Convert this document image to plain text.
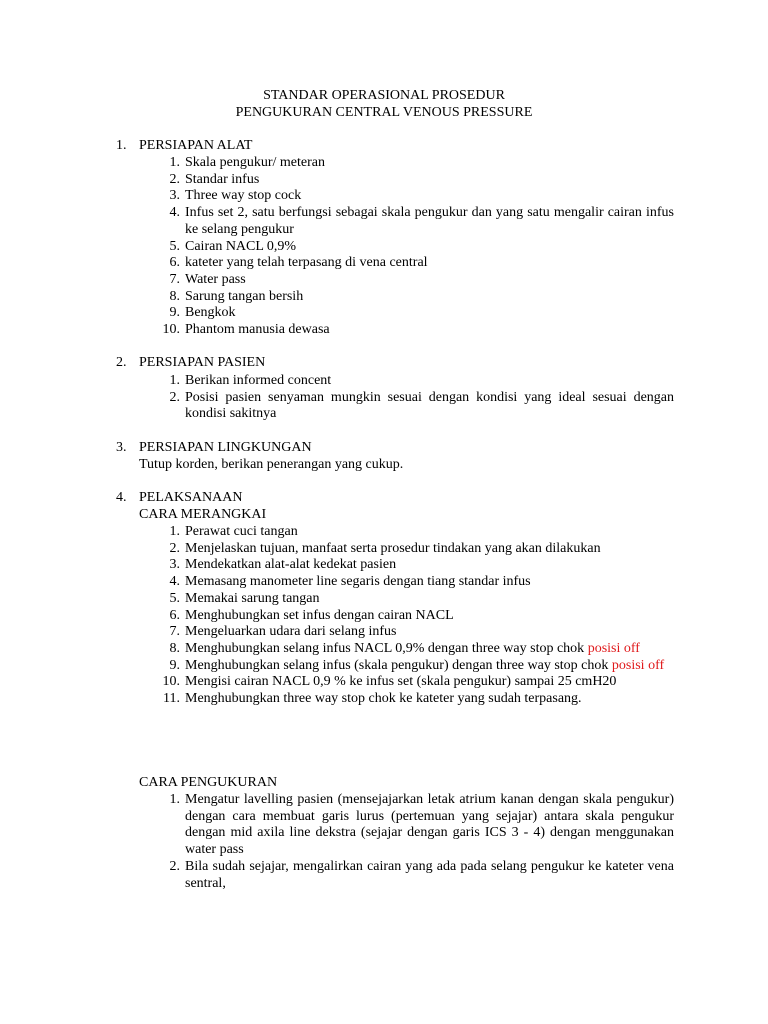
STANDAR OPERASIONAL PROSEDUR
PENGUKURAN CENTRAL VENOUS PRESSURE
1. PERSIAPAN ALAT
1. Skala pengukur/ meteran
2. Standar infus
3. Three way stop cock
4. Infus set 2, satu berfungsi sebagai skala pengukur dan yang satu mengalir cairan infus ke selang pengukur
5. Cairan NACL 0,9%
6. kateter yang telah terpasang di vena central
7. Water pass
8. Sarung tangan bersih
9. Bengkok
10. Phantom manusia dewasa
2. PERSIAPAN PASIEN
1. Berikan informed concent
2. Posisi pasien senyaman mungkin sesuai dengan kondisi yang ideal sesuai dengan kondisi sakitnya
3. PERSIAPAN LINGKUNGAN

Tutup korden, berikan penerangan yang cukup.

4. PELAKSANAAN
CARA MERANGKAI
1. Perawat cuci tangan
2. Menjelaskan tujuan, manfaat serta prosedur tindakan yang akan dilakukan
3. Mendekatkan alat-alat kedekat pasien
4. Memasang manometer line segaris dengan tiang standar infus
5. Memakai sarung tangan
6. Menghubungkan set infus dengan cairan NACL
7. Mengeluarkan udara dari selang infus
8. Menghubungkan selang infus NACL 0,9% dengan three way stop chok posisi off
9. Menghubungkan selang infus (skala pengukur) dengan three way stop chok posisi off
10. Mengisi cairan NACL 0,9 % ke infus set (skala pengukur) sampai 25 cmH20
11. Menghubungkan three way stop chok ke kateter yang sudah terpasang.
CARA PENGUKURAN
1. Mengatur lavelling pasien (mensejajarkan letak atrium kanan dengan skala pengukur) dengan cara membuat garis lurus (pertemuan yang sejajar) antara skala pengukur dengan mid axila line dekstra (sejajar dengan garis ICS 3 - 4) dengan menggunakan water pass
2. Bila sudah sejajar, mengalirkan cairan yang ada pada selang pengukur ke kateter vena sentral,
